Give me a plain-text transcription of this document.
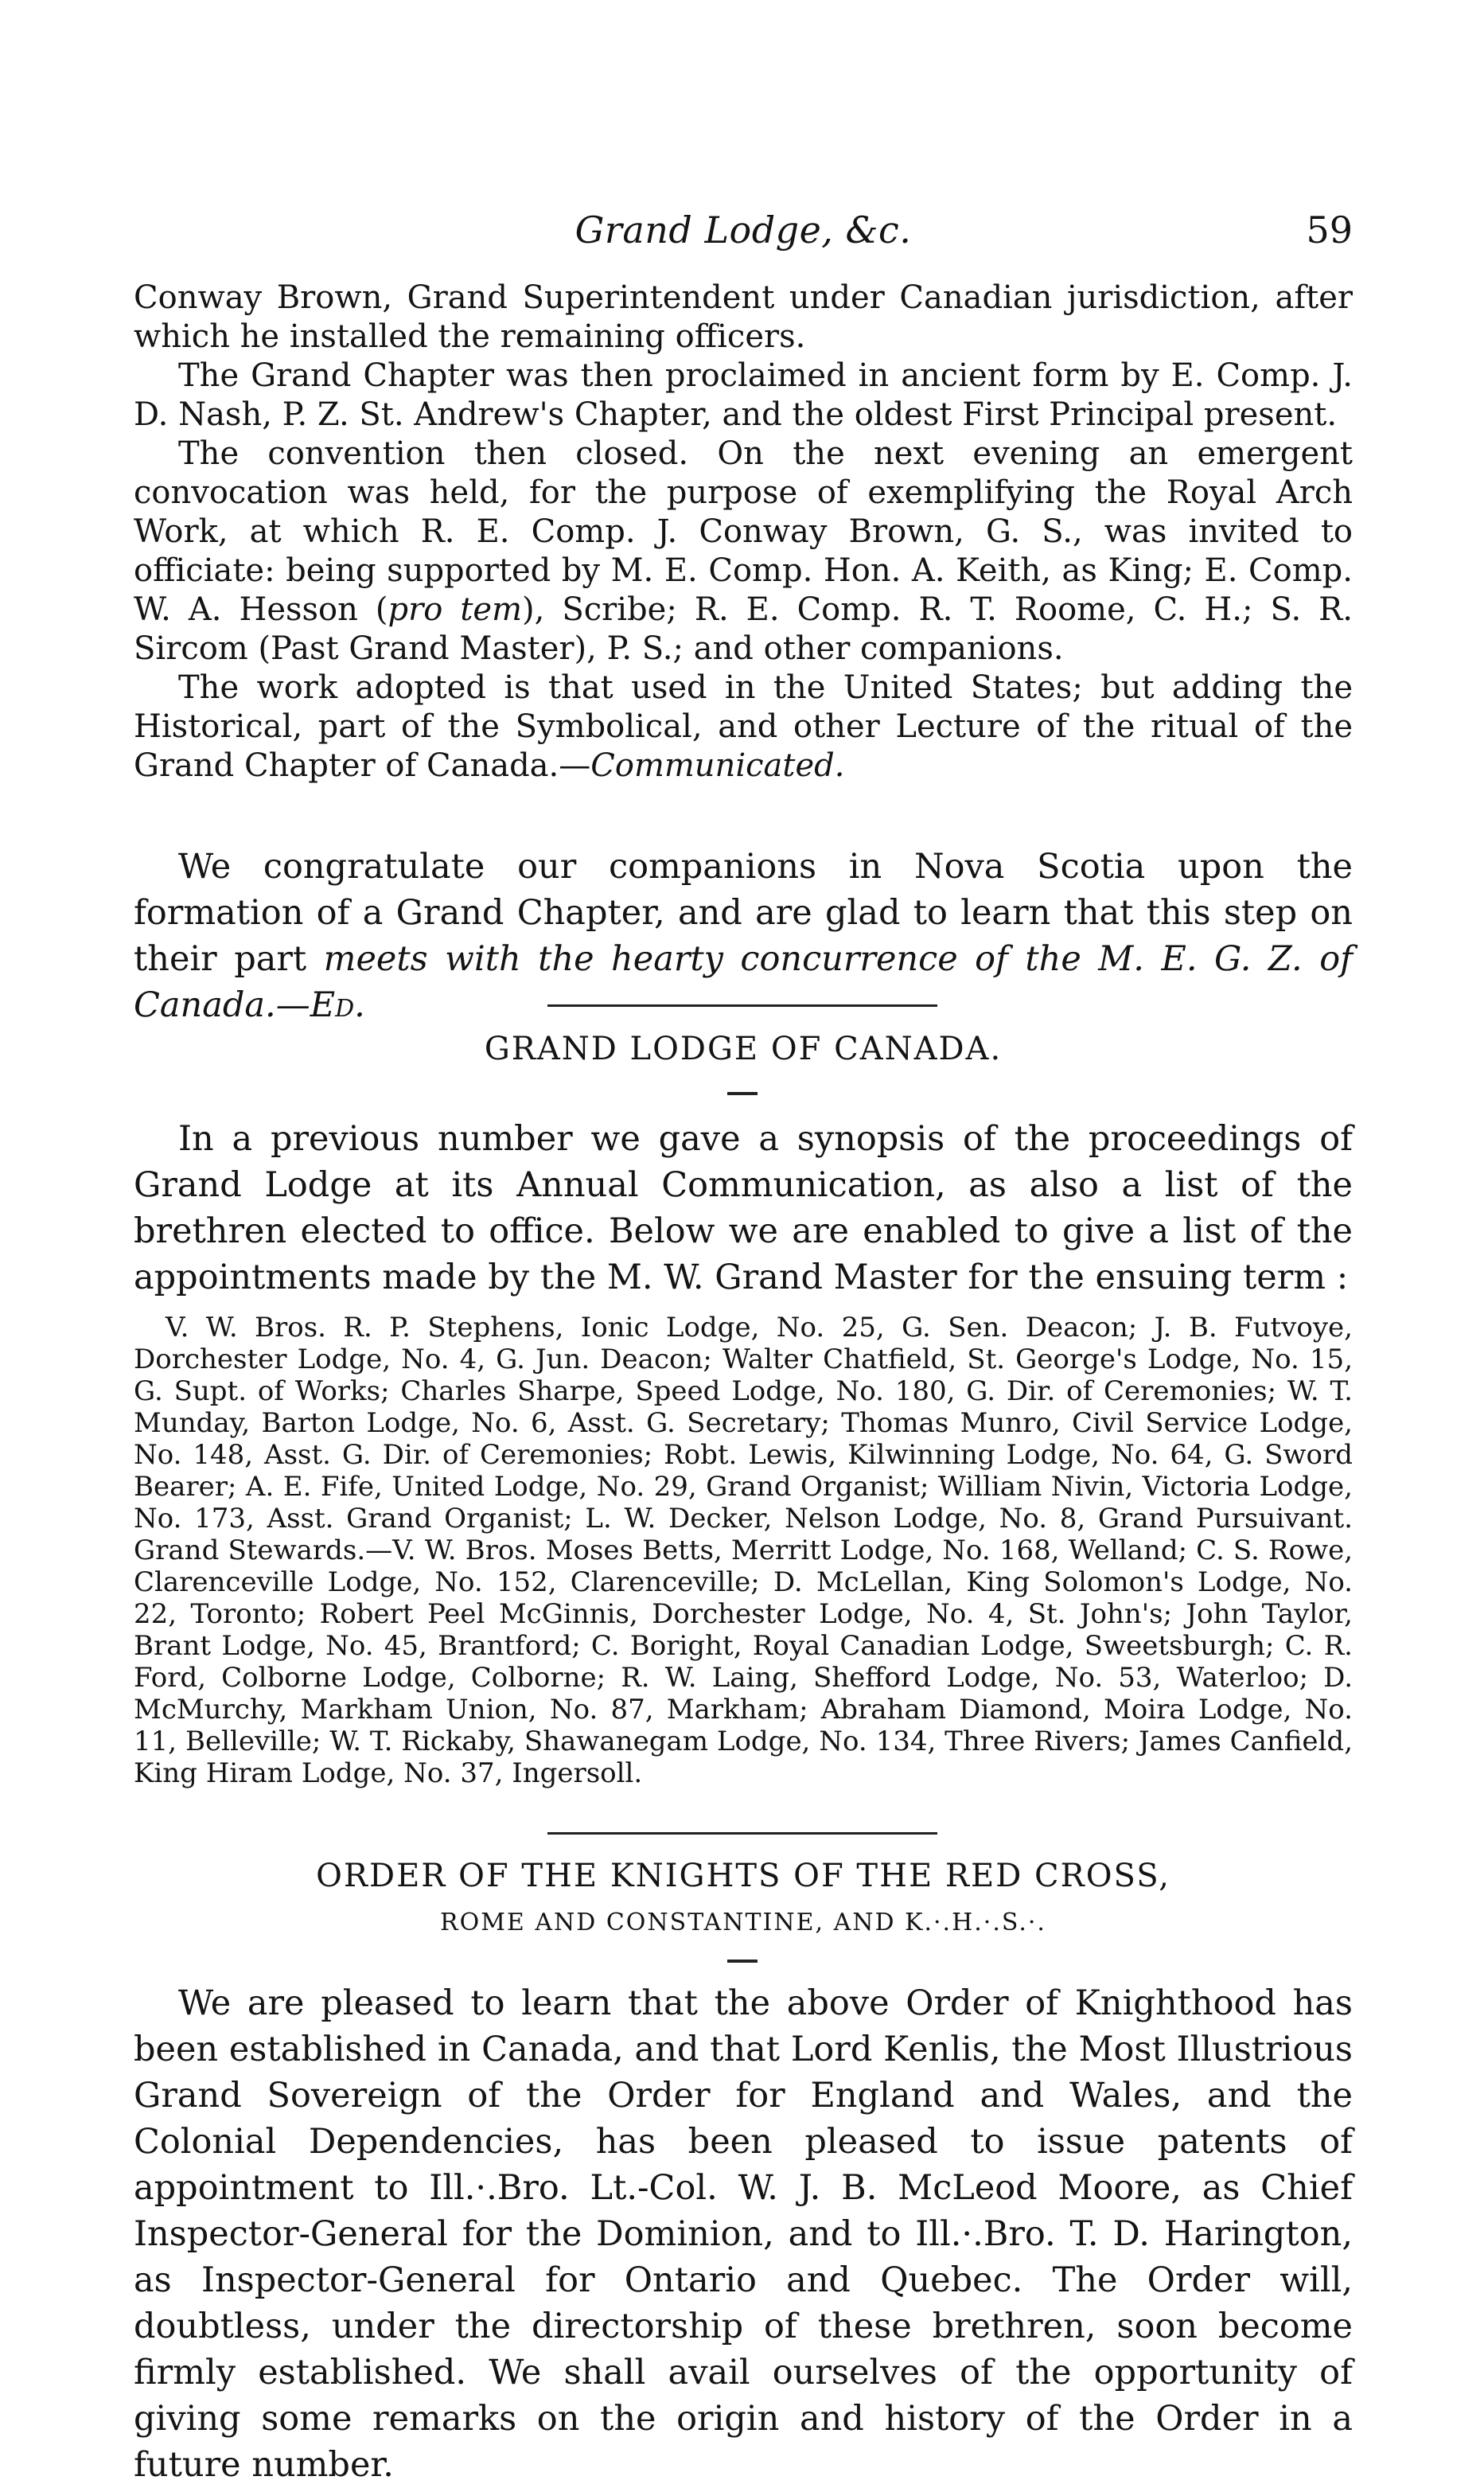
Grand Lodge, &c.	59

Conway Brown, Grand Superintendent under Canadian jurisdiction, after which he installed the remaining officers.

The Grand Chapter was then proclaimed in ancient form by E. Comp. J. D. Nash, P. Z. St. Andrew's Chapter, and the oldest First Principal present.

The convention then closed. On the next evening an emergent convocation was held, for the purpose of exemplifying the Royal Arch Work, at which R. E. Comp. J. Conway Brown, G. S., was invited to officiate: being supported by M. E. Comp. Hon. A. Keith, as King; E. Comp. W. A. Hesson (pro tem), Scribe; R. E. Comp. R. T. Roome, C. H.; S. R. Sircom (Past Grand Master), P. S.; and other companions.

The work adopted is that used in the United States; but adding the Historical, part of the Symbolical, and other Lecture of the ritual of the Grand Chapter of Canada.—Communicated.

We congratulate our companions in Nova Scotia upon the formation of a Grand Chapter, and are glad to learn that this step on their part meets with the hearty concurrence of the M. E. G. Z. of Canada.—Ed.

GRAND LODGE OF CANADA.

In a previous number we gave a synopsis of the proceedings of Grand Lodge at its Annual Communication, as also a list of the brethren elected to office. Below we are enabled to give a list of the appointments made by the M. W. Grand Master for the ensuing term :

V. W. Bros. R. P. Stephens, Ionic Lodge, No. 25, G. Sen. Deacon; J. B. Futvoye, Dorchester Lodge, No. 4, G. Jun. Deacon; Walter Chatfield, St. George's Lodge, No. 15, G. Supt. of Works; Charles Sharpe, Speed Lodge, No. 180, G. Dir. of Ceremonies; W. T. Munday, Barton Lodge, No. 6, Asst. G. Secretary; Thomas Munro, Civil Service Lodge, No. 148, Asst. G. Dir. of Ceremonies; Robt. Lewis, Kilwinning Lodge, No. 64, G. Sword Bearer; A. E. Fife, United Lodge, No. 29, Grand Organist; William Nivin, Victoria Lodge, No. 173, Asst. Grand Organist; L. W. Decker, Nelson Lodge, No. 8, Grand Pursuivant. Grand Stewards.—V. W. Bros. Moses Betts, Merritt Lodge, No. 168, Welland; C. S. Rowe, Clarenceville Lodge, No. 152, Clarenceville; D. McLellan, King Solomon's Lodge, No. 22, Toronto; Robert Peel McGinnis, Dorchester Lodge, No. 4, St. John's; John Taylor, Brant Lodge, No. 45, Brantford; C. Boright, Royal Canadian Lodge, Sweetsburgh; C. R. Ford, Colborne Lodge, Colborne; R. W. Laing, Shefford Lodge, No. 53, Waterloo; D. McMurchy, Markham Union, No. 87, Markham; Abraham Diamond, Moira Lodge, No. 11, Belleville; W. T. Rickaby, Shawanegam Lodge, No. 134, Three Rivers; James Canfield, King Hiram Lodge, No. 37, Ingersoll.

ORDER OF THE KNIGHTS OF THE RED CROSS,
ROME AND CONSTANTINE, AND K.·.H.·.S.·.

We are pleased to learn that the above Order of Knighthood has been established in Canada, and that Lord Kenlis, the Most Illustrious Grand Sovereign of the Order for England and Wales, and the Colonial Dependencies, has been pleased to issue patents of appointment to Ill.·.Bro. Lt.-Col. W. J. B. McLeod Moore, as Chief Inspector-General for the Dominion, and to Ill.·.Bro. T. D. Harington, as Inspector-General for Ontario and Quebec. The Order will, doubtless, under the directorship of these brethren, soon become firmly established. We shall avail ourselves of the opportunity of giving some remarks on the origin and history of the Order in a future number.
